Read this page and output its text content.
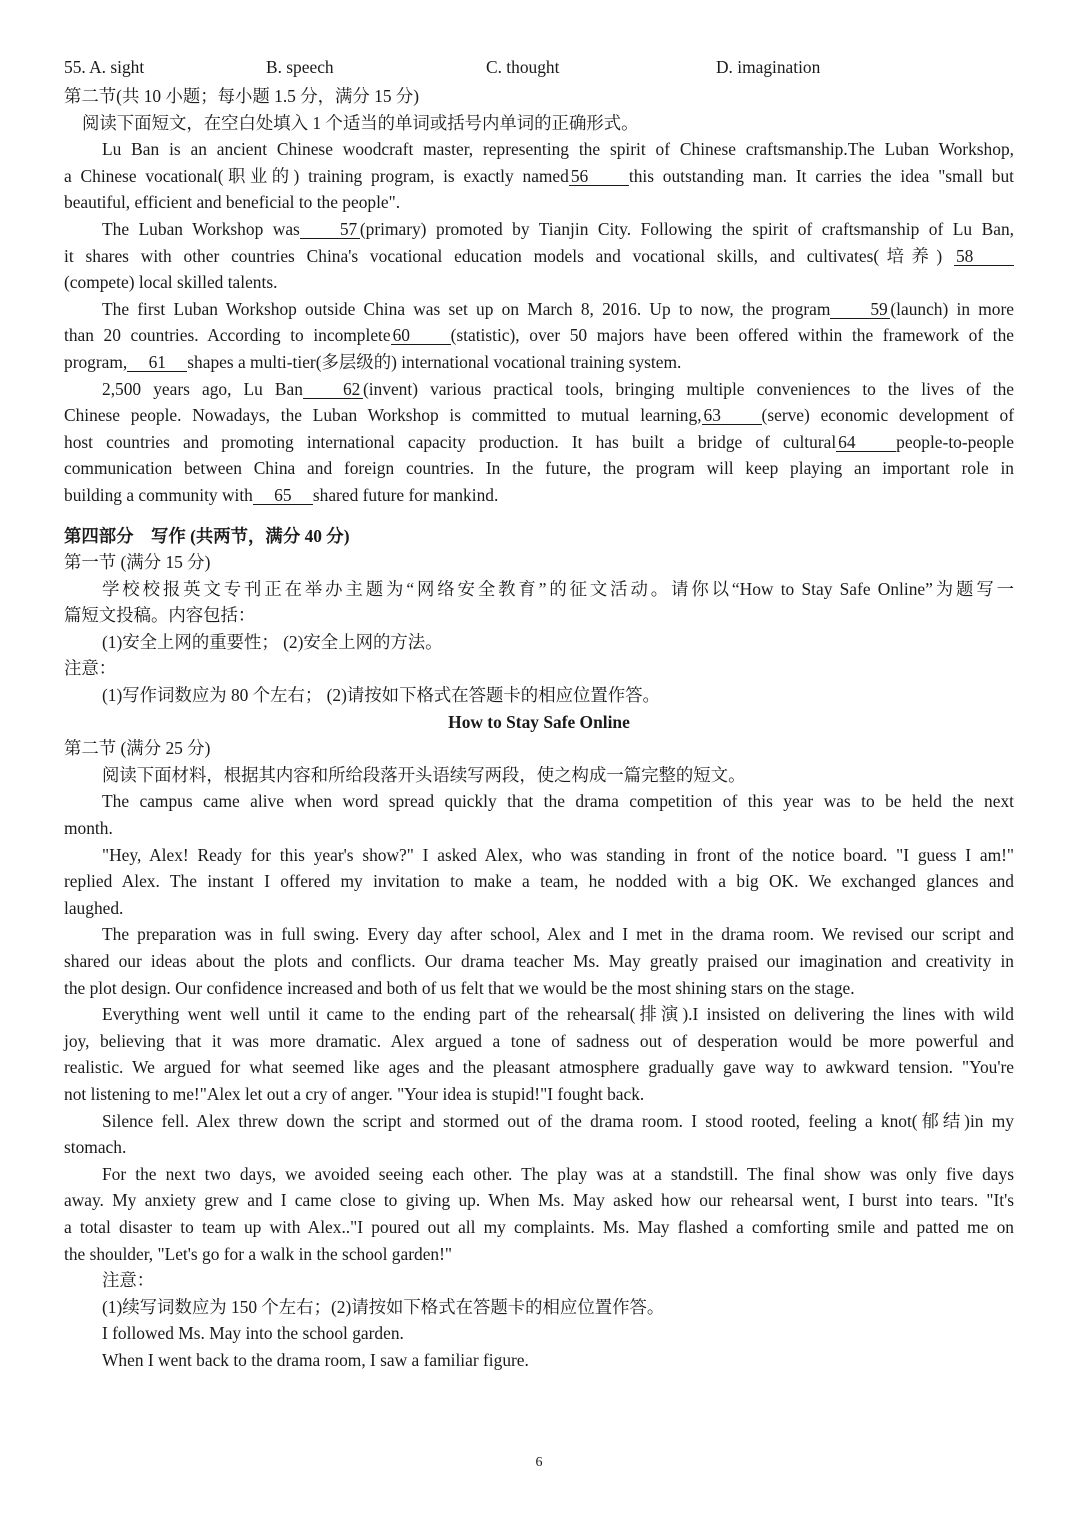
55. A. sight	B. speech	C. thought	D. imagination
第二节(共 10 小题；每小题 1.5 分，满分 15 分)
阅读下面短文，在空白处填入 1 个适当的单词或括号内单词的正确形式。
Lu Ban is an ancient Chinese woodcraft master, representing the spirit of Chinese craftsmanship.The Luban Workshop,
a Chinese vocational(职业的) training program, is exactly named 56 this outstanding man. It carries the idea "small but
beautiful, efficient and beneficial to the people".
The Luban Workshop was 57 (primary) promoted by Tianjin City. Following the spirit of craftsmanship of Lu Ban,
it shares with other countries China's vocational education models and vocational skills, and cultivates(培养) 58
(compete) local skilled talents.
The first Luban Workshop outside China was set up on March 8, 2016. Up to now, the program 59 (launch) in more
than 20 countries. According to incomplete 60 (statistic), over 50 majors have been offered within the framework of the
program, 61 shapes a multi-tier(多层级的) international vocational training system.
2,500 years ago, Lu Ban 62 (invent) various practical tools, bringing multiple conveniences to the lives of the
Chinese people. Nowadays, the Luban Workshop is committed to mutual learning, 63 (serve) economic development of
host countries and promoting international capacity production. It has built a bridge of cultural 64 people-to-people
communication between China and foreign countries. In the future, the program will keep playing an important role in
building a community with 65 shared future for mankind.
第四部分　写作 (共两节，满分 40 分)
第一节 (满分 15 分)
学校校报英文专刊正在举办主题为“网络安全教育”的征文活动。请你以“How to Stay Safe Online”为题写一
篇短文投稿。内容包括：
(1)安全上网的重要性； (2)安全上网的方法。
注意：
(1)写作词数应为 80 个左右； (2)请按如下格式在答题卡的相应位置作答。
How to Stay Safe Online
第二节 (满分 25 分)
阅读下面材料，根据其内容和所给段落开头语续写两段，使之构成一篇完整的短文。
The campus came alive when word spread quickly that the drama competition of this year was to be held the next
month.
"Hey, Alex! Ready for this year's show?" I asked Alex, who was standing in front of the notice board. "I guess I am!"
replied Alex. The instant I offered my invitation to make a team, he nodded with a big OK. We exchanged glances and
laughed.
The preparation was in full swing. Every day after school, Alex and I met in the drama room. We revised our script and
shared our ideas about the plots and conflicts. Our drama teacher Ms. May greatly praised our imagination and creativity in
the plot design. Our confidence increased and both of us felt that we would be the most shining stars on the stage.
Everything went well until it came to the ending part of the rehearsal(排演).I insisted on delivering the lines with wild
joy, believing that it was more dramatic. Alex argued a tone of sadness out of desperation would be more powerful and
realistic. We argued for what seemed like ages and the pleasant atmosphere gradually gave way to awkward tension. "You're
not listening to me!"Alex let out a cry of anger. "Your idea is stupid!"I fought back.
Silence fell. Alex threw down the script and stormed out of the drama room. I stood rooted, feeling a knot(郁结)in my
stomach.
For the next two days, we avoided seeing each other. The play was at a standstill. The final show was only five days
away. My anxiety grew and I came close to giving up. When Ms. May asked how our rehearsal went, I burst into tears. "It's
a total disaster to team up with Alex.."I poured out all my complaints. Ms. May flashed a comforting smile and patted me on
the shoulder, "Let's go for a walk in the school garden!"
注意：
(1)续写词数应为 150 个左右；(2)请按如下格式在答题卡的相应位置作答。
I followed Ms. May into the school garden.
When I went back to the drama room, I saw a familiar figure.
6
